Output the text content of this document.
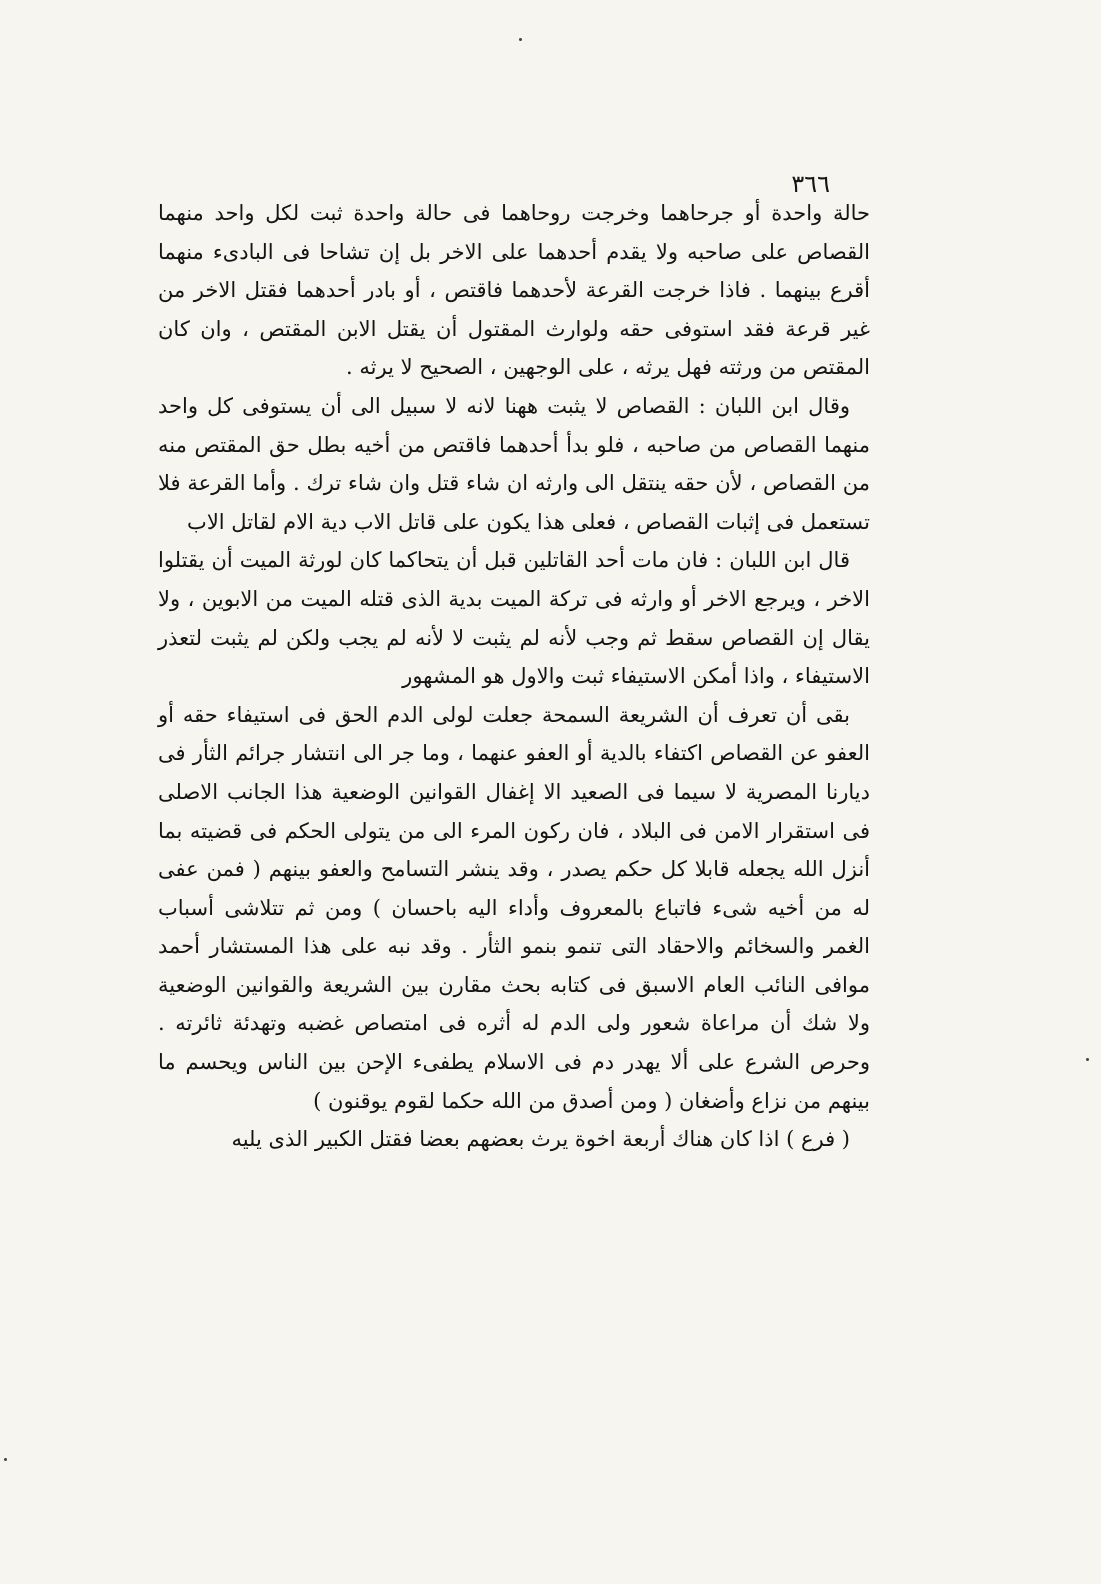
٣٦٦

حالة واحدة أو جرحاهما وخرجت روحاهما فى حالة واحدة ثبت لكل واحد منهما القصاص على صاحبه ولا يقدم أحدهما على الاخر بل إن تشاحا فى البادىء منهما أقرع بينهما . فاذا خرجت القرعة لأحدهما فاقتص ، أو بادر أحدهما فقتل الاخر من غير قرعة فقد استوفى حقه ولوارث المقتول أن يقتل الابن المقتص ، وان كان المقتص من ورثته فهل يرثه ، على الوجهين ، الصحيح لا يرثه .

وقال ابن اللبان : القصاص لا يثبت ههنا لانه لا سبيل الى أن يستوفى كل واحد منهما القصاص من صاحبه ، فلو بدأ أحدهما فاقتص من أخيه بطل حق المقتص منه من القصاص ، لأن حقه ينتقل الى وارثه ان شاء قتل وان شاء ترك . وأما القرعة فلا تستعمل فى إثبات القصاص ، فعلى هذا يكون على قاتل الاب دية الام لقاتل الاب

قال ابن اللبان : فان مات أحد القاتلين قبل أن يتحاكما كان لورثة الميت أن يقتلوا الاخر ، ويرجع الاخر أو وارثه فى تركة الميت بدية الذى قتله الميت من الابوين ، ولا يقال إن القصاص سقط ثم وجب لأنه لم يثبت لا لأنه لم يجب ولكن لم يثبت لتعذر الاستيفاء ، واذا أمكن الاستيفاء ثبت والاول هو المشهور

بقى أن تعرف أن الشريعة السمحة جعلت لولى الدم الحق فى استيفاء حقه أو العفو عن القصاص اكتفاء بالدية أو العفو عنهما ، وما جر الى انتشار جرائم الثأر فى ديارنا المصرية لا سيما فى الصعيد الا إغفال القوانين الوضعية هذا الجانب الاصلى فى استقرار الامن فى البلاد ، فان ركون المرء الى من يتولى الحكم فى قضيته بما أنزل الله يجعله قابلا كل حكم يصدر ، وقد ينشر التسامح والعفو بينهم ( فمن عفى له من أخيه شىء فاتباع بالمعروف وأداء اليه باحسان ) ومن ثم تتلاشى أسباب الغمر والسخائم والاحقاد التى تنمو بنمو الثأر . وقد نبه على هذا المستشار أحمد موافى النائب العام الاسبق فى كتابه بحث مقارن بين الشريعة والقوانين الوضعية ولا شك أن مراعاة شعور ولى الدم له أثره فى امتصاص غضبه وتهدئة ثائرته . وحرص الشرع على ألا يهدر دم فى الاسلام يطفىء الإحن بين الناس ويحسم ما بينهم من نزاع وأضغان ( ومن أصدق من الله حكما لقوم يوقنون )

( فرع ) اذا كان هناك أربعة اخوة يرث بعضهم بعضا فقتل الكبير الذى يليه
